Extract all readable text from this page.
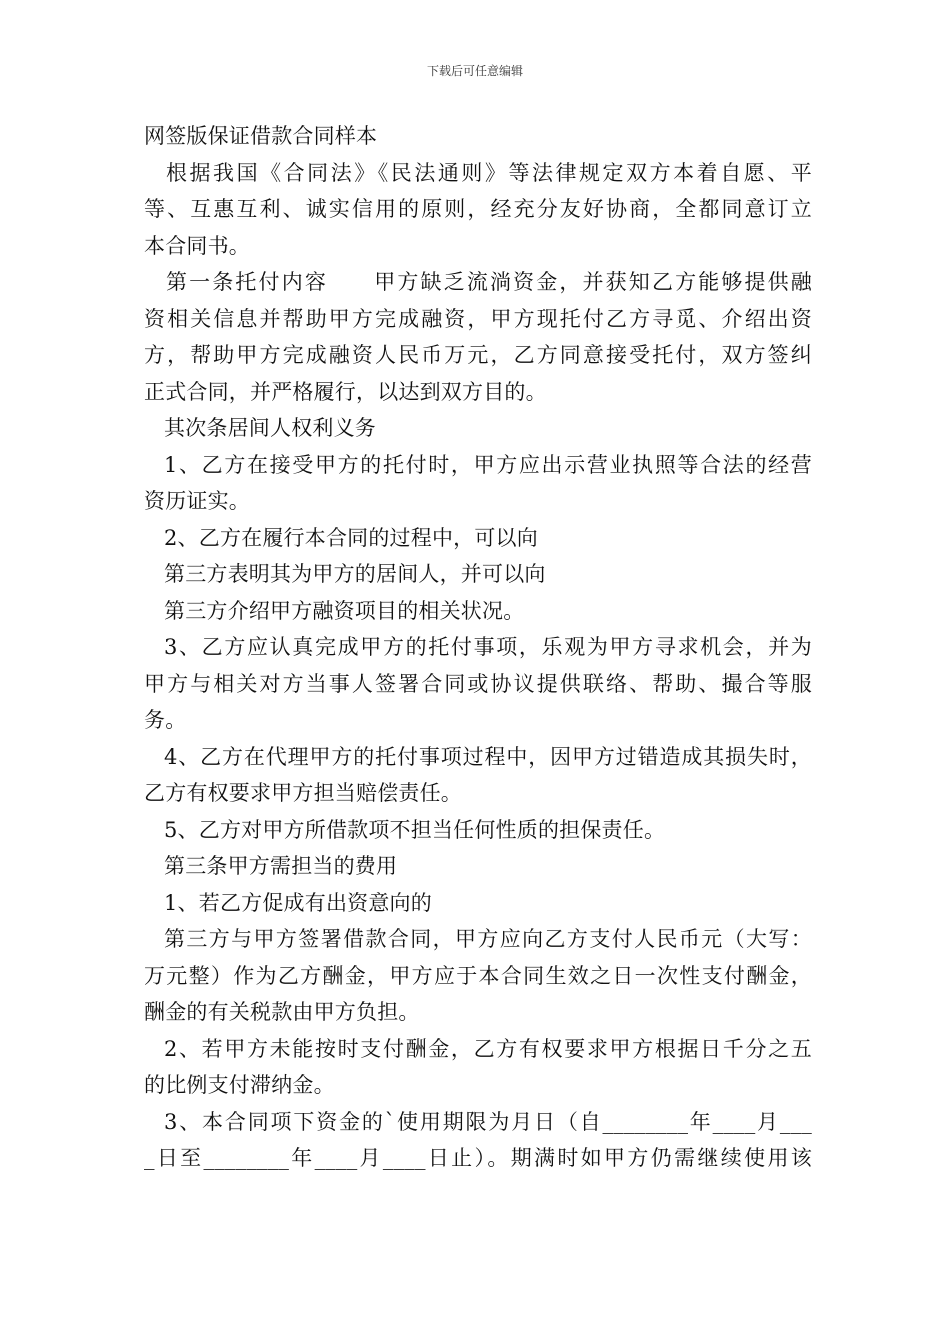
下载后可任意编辑
网签版保证借款合同样本
根据我国《合同法》《民法通则》等法律规定双方本着自愿、平
等、互惠互利、诚实信用的原则，经充分友好协商，全都同意订立
本合同书。
第一条托付内容　　甲方缺乏流淌资金，并获知乙方能够提供融
资相关信息并帮助甲方完成融资，甲方现托付乙方寻觅、介绍出资
方，帮助甲方完成融资人民币万元，乙方同意接受托付，双方签纠
正式合同，并严格履行，以达到双方目的。
其次条居间人权利义务
1、乙方在接受甲方的托付时，甲方应出示营业执照等合法的经营
资历证实。
2、乙方在履行本合同的过程中，可以向
第三方表明其为甲方的居间人，并可以向
第三方介绍甲方融资项目的相关状况。
3、乙方应认真完成甲方的托付事项，乐观为甲方寻求机会，并为
甲方与相关对方当事人签署合同或协议提供联络、帮助、撮合等服
务。
4、乙方在代理甲方的托付事项过程中，因甲方过错造成其损失时，
乙方有权要求甲方担当赔偿责任。
5、乙方对甲方所借款项不担当任何性质的担保责任。
第三条甲方需担当的费用
1、若乙方促成有出资意向的
第三方与甲方签署借款合同，甲方应向乙方支付人民币元（大写：
万元整）作为乙方酬金，甲方应于本合同生效之日一次性支付酬金，
酬金的有关税款由甲方负担。
2、若甲方未能按时支付酬金，乙方有权要求甲方根据日千分之五
的比例支付滞纳金。
3、本合同项下资金的`使用期限为月日（自________年____月___
_日至________年____月____日止）。期满时如甲方仍需继续使用该
